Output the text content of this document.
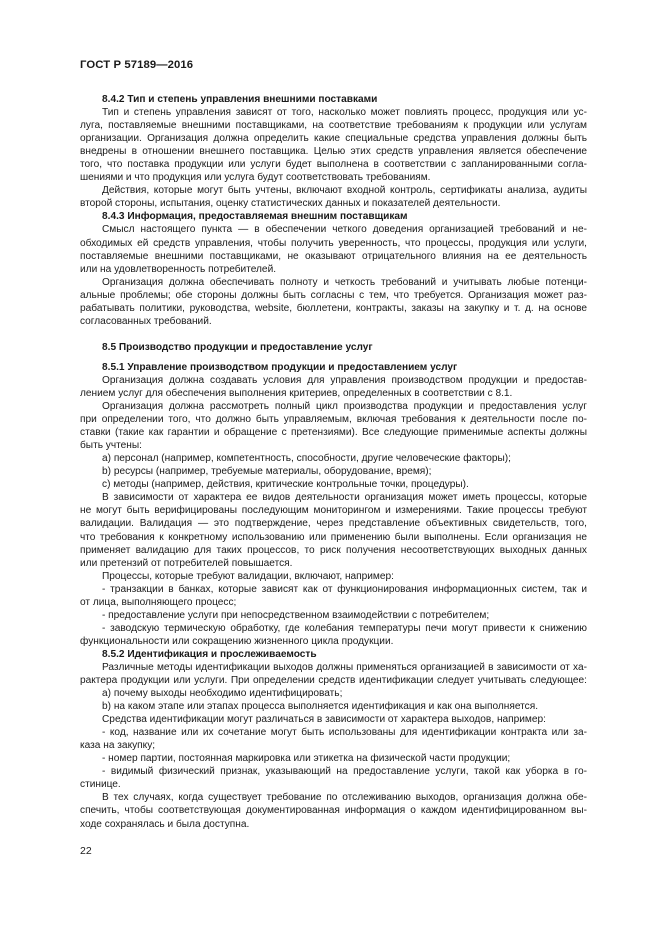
ГОСТ Р 57189—2016

8.4.2 Тип и степень управления внешними поставками

Тип и степень управления зависят от того, насколько может повлиять процесс, продукция или ус-

луга, поставляемые внешними поставщиками, на соответствие требованиям к продукции или услугам

организации. Организация должна определить какие специальные средства управления должны быть

внедрены в отношении внешнего поставщика. Целью этих средств управления является обеспечение

того, что поставка продукции или услуги будет выполнена в соответствии с запланированными согла-

шениями и что продукция или услуга будут соответствовать требованиям.

Действия, которые могут быть учтены, включают входной контроль, сертификаты анализа, аудиты

второй стороны, испытания, оценку статистических данных и показателей деятельности.

8.4.3 Информация, предоставляемая внешним поставщикам

Смысл настоящего пункта — в обеспечении четкого доведения организацией требований и не-

обходимых ей средств управления, чтобы получить уверенность, что процессы, продукция или услуги,

поставляемые внешними поставщиками, не оказывают отрицательного влияния на ее деятельность

или на удовлетворенность потребителей.

Организация должна обеспечивать полноту и четкость требований и учитывать любые потенци-

альные проблемы; обе стороны должны быть согласны с тем, что требуется. Организация может раз-

рабатывать политики, руководства, website, бюллетени, контракты, заказы на закупку и т. д. на основе

согласованных требований.

8.5 Производство продукции и предоставление услуг

8.5.1 Управление производством продукции и предоставлением услуг

Организация должна создавать условия для управления производством продукции и предостав-

лением услуг для обеспечения выполнения критериев, определенных в соответствии с 8.1.

Организация должна рассмотреть полный цикл производства продукции и предоставления услуг

при определении того, что должно быть управляемым, включая требования к деятельности после по-

ставки (такие как гарантии и обращение с претензиями). Все следующие применимые аспекты должны

быть учтены:

a) персонал (например, компетентность, способности, другие человеческие факторы);

b) ресурсы (например, требуемые материалы, оборудование, время);

c) методы (например, действия, критические контрольные точки, процедуры).

В зависимости от характера ее видов деятельности организация может иметь процессы, которые

не могут быть верифицированы последующим мониторингом и измерениями. Такие процессы требуют

валидации. Валидация — это подтверждение, через представление объективных свидетельств, того,

что требования к конкретному использованию или применению были выполнены. Если организация не

применяет валидацию для таких процессов, то риск получения несоответствующих выходных данных

или претензий от потребителей повышается.

Процессы, которые требуют валидации, включают, например:

- транзакции в банках, которые зависят как от функционирования информационных систем, так и

от лица, выполняющего процесс;

- предоставление услуги при непосредственном взаимодействии с потребителем;

- заводскую термическую обработку, где колебания температуры печи могут привести к снижению

функциональности или сокращению жизненного цикла продукции.

8.5.2 Идентификация и прослеживаемость

Различные методы идентификации выходов должны применяться организацией в зависимости от ха-

рактера продукции или услуги. При определении средств идентификации следует учитывать следующее:

a) почему выходы необходимо идентифицировать;

b) на каком этапе или этапах процесса выполняется идентификация и как она выполняется.

Средства идентификации могут различаться в зависимости от характера выходов, например:

- код, название или их сочетание могут быть использованы для идентификации контракта или за-

каза на закупку;

- номер партии, постоянная маркировка или этикетка на физической части продукции;

- видимый физический признак, указывающий на предоставление услуги, такой как уборка в го-

стинице.

В тех случаях, когда существует требование по отслеживанию выходов, организация должна обе-

спечить, чтобы соответствующая документированная информация о каждом идентифицированном вы-

ходе сохранялась и была доступна.

22
